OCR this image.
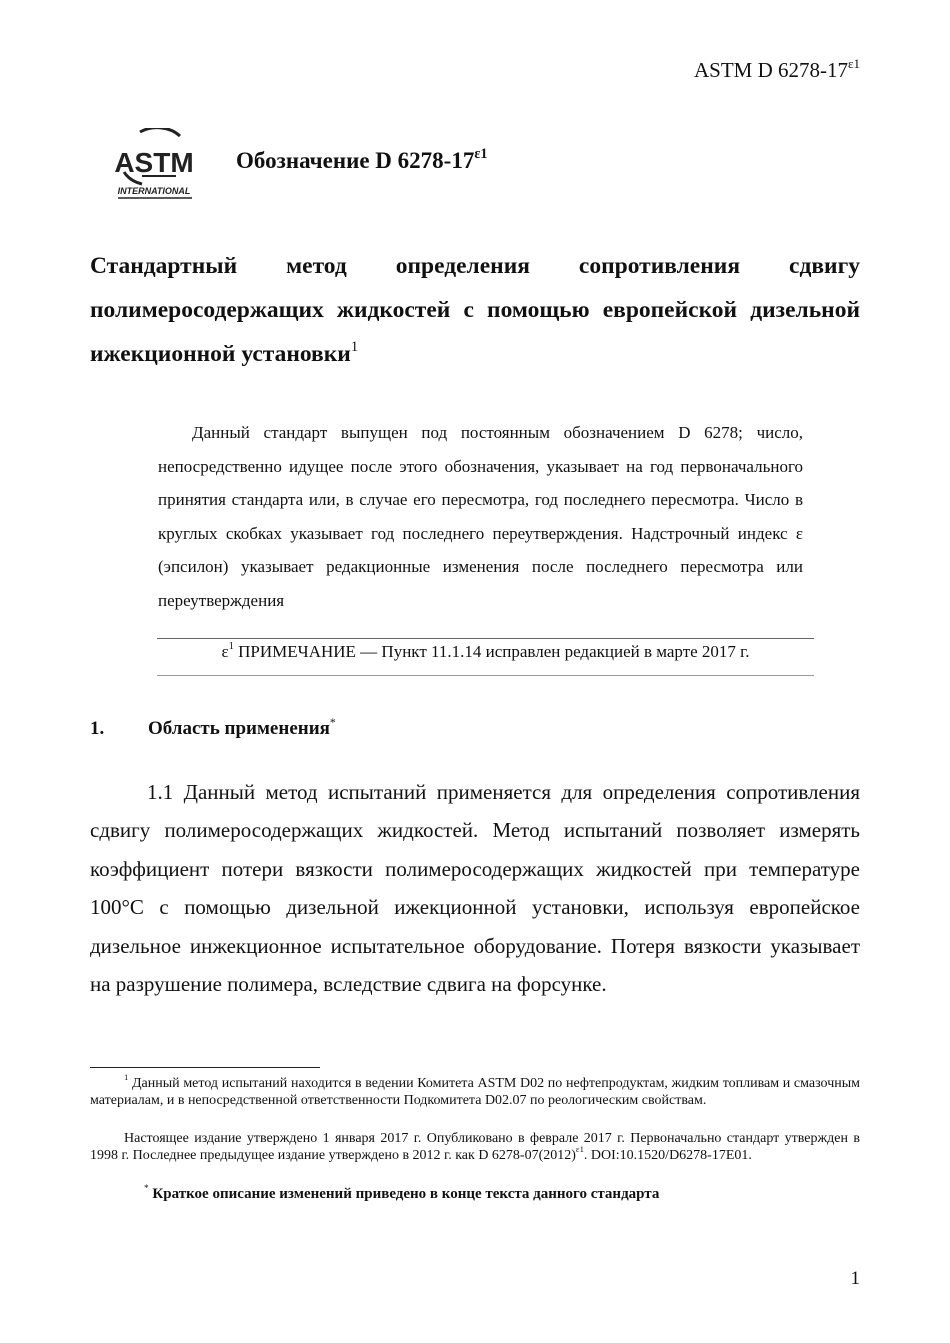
ASTM D $6278-17^{\varepsilon 1}$
ASTM
INTERNATIONAL
Обозначение D $6278-17^{\varepsilon 1}$
Стандартный метод определения сопротивления сдвигу полимеросодержащих жидкостей с помощью европейской дизельной ижекционной установки$^1$
Данный стандарт выпущен под постоянным обозначением D 6278; число, непосредственно идущее после этого обозначения, указывает на год первоначального принятия стандарта или, в случае его пересмотра, год последнего пересмотра. Число в круглых скобках указывает год последнего переутверждения. Надстрочный индекс ε (эпсилон) указывает редакционные изменения после последнего пересмотра или переутверждения
$\varepsilon^1$ ПРИМЕЧАНИЕ — Пункт 11.1.14 исправлен редакцией в марте 2017 г.
1. Область применения*
1.1 Данный метод испытаний применяется для определения сопротивления сдвигу полимеросодержащих жидкостей. Метод испытаний позволяет измерять коэффициент потери вязкости полимеросодержащих жидкостей при температуре 100°С с помощью дизельной ижекционной установки, используя европейское дизельное инжекционное испытательное оборудование. Потеря вязкости указывает на разрушение полимера, вследствие сдвига на форсунке.
$^1$ Данный метод испытаний находится в ведении Комитета ASTM D02 по нефтепродуктам, жидким топливам и смазочным материалам, и в непосредственной ответственности Подкомитета D02.07 по реологическим свойствам.
Настоящее издание утверждено 1 января 2017 г. Опубликовано в феврале 2017 г. Первоначально стандарт утвержден в 1998 г. Последнее предыдущее издание утверждено в 2012 г. как D $6278-07(2012)^{\varepsilon 1}$. DOI:10.1520/D6278-17E01.
* Краткое описание изменений приведено в конце текста данного стандарта
1
